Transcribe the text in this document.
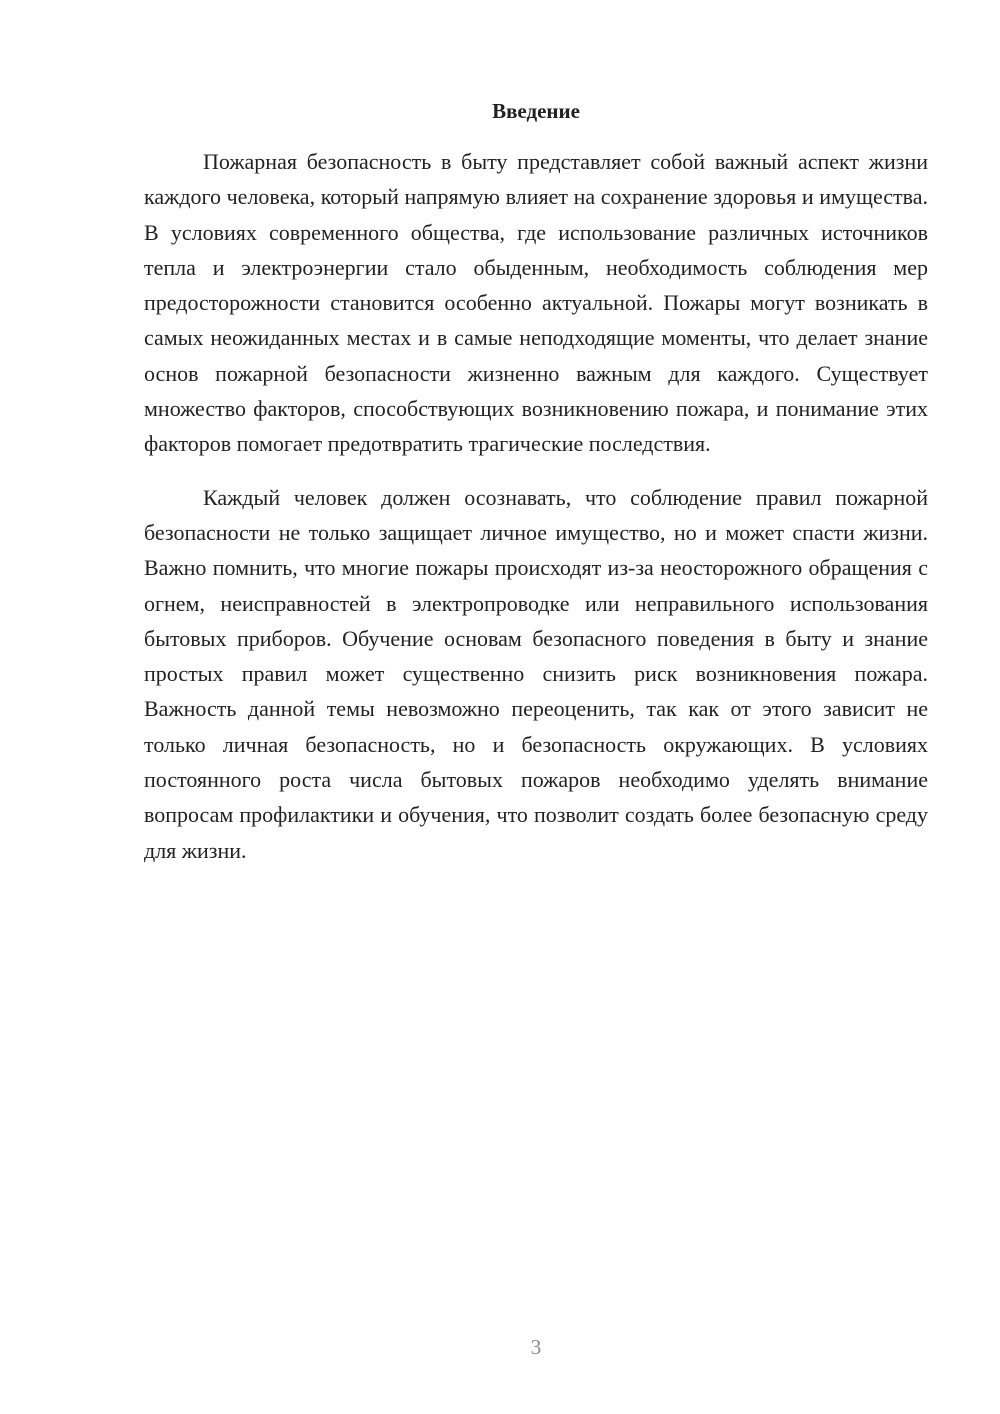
Введение

Пожарная безопасность в быту представляет собой важный аспект жизни каждого человека, который напрямую влияет на сохранение здоровья и имущества. В условиях современного общества, где использование различных источников тепла и электроэнергии стало обыденным, необходимость соблюдения мер предосторожности становится особенно актуальной. Пожары могут возникать в самых неожиданных местах и в самые неподходящие моменты, что делает знание основ пожарной безопасности жизненно важным для каждого. Существует множество факторов, способствующих возникновению пожара, и понимание этих факторов помогает предотвратить трагические последствия.

Каждый человек должен осознавать, что соблюдение правил пожарной безопасности не только защищает личное имущество, но и может спасти жизни. Важно помнить, что многие пожары происходят из-за неосторожного обращения с огнем, неисправностей в электропроводке или неправильного использования бытовых приборов. Обучение основам безопасного поведения в быту и знание простых правил может существенно снизить риск возникновения пожара. Важность данной темы невозможно переоценить, так как от этого зависит не только личная безопасность, но и безопасность окружающих. В условиях постоянного роста числа бытовых пожаров необходимо уделять внимание вопросам профилактики и обучения, что позволит создать более безопасную среду для жизни.

3
